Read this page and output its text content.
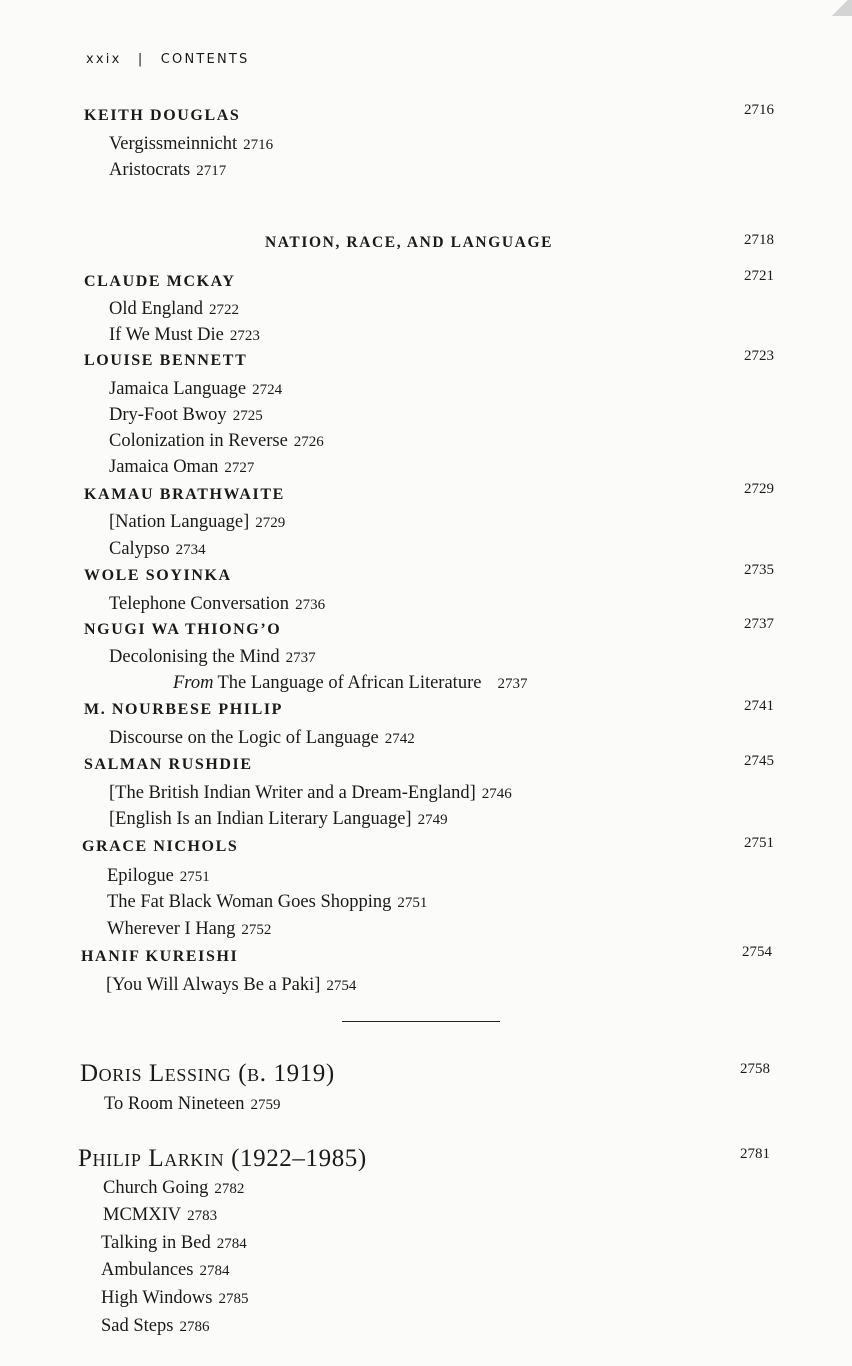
xxix | CONTENTS
KEITH DOUGLAS	2716
Vergissmeinnicht 2716
Aristocrats 2717
NATION, RACE, AND LANGUAGE	2718
CLAUDE MCKAY	2721
Old England 2722
If We Must Die 2723
LOUISE BENNETT	2723
Jamaica Language 2724
Dry-Foot Bwoy 2725
Colonization in Reverse 2726
Jamaica Oman 2727
KAMAU BRATHWAITE	2729
[Nation Language] 2729
Calypso 2734
WOLE SOYINKA	2735
Telephone Conversation 2736
NGUGI WA THIONG’O	2737
Decolonising the Mind 2737
From The Language of African Literature 2737
M. NOURBESE PHILIP	2741
Discourse on the Logic of Language 2742
SALMAN RUSHDIE	2745
[The British Indian Writer and a Dream-England] 2746
[English Is an Indian Literary Language] 2749
GRACE NICHOLS	2751
Epilogue 2751
The Fat Black Woman Goes Shopping 2751
Wherever I Hang 2752
HANIF KUREISHI	2754
[You Will Always Be a Paki] 2754
Doris Lessing (b. 1919)	2758
To Room Nineteen 2759
Philip Larkin (1922–1985)	2781
Church Going 2782
MCMXIV 2783
Talking in Bed 2784
Ambulances 2784
High Windows 2785
Sad Steps 2786
